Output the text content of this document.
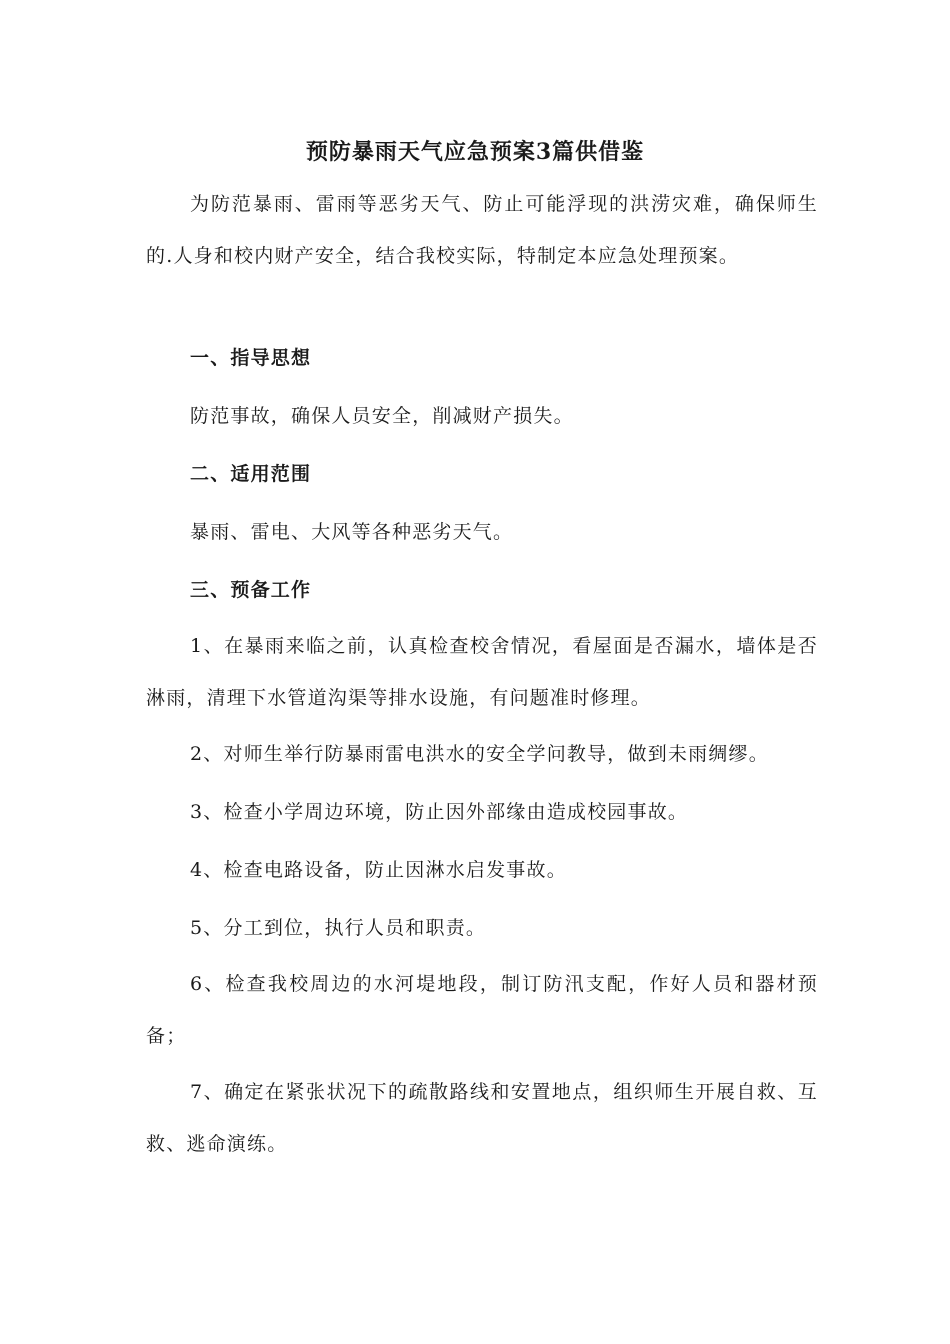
预防暴雨天气应急预案3篇供借鉴

为防范暴雨、雷雨等恶劣天气、防止可能浮现的洪涝灾难，确保师生的.人身和校内财产安全，结合我校实际，特制定本应急处理预案。

一、指导思想

防范事故，确保人员安全，削减财产损失。

二、适用范围

暴雨、雷电、大风等各种恶劣天气。

三、预备工作

1、在暴雨来临之前，认真检查校舍情况，看屋面是否漏水，墙体是否淋雨，清理下水管道沟渠等排水设施，有问题准时修理。

2、对师生举行防暴雨雷电洪水的安全学问教导，做到未雨绸缪。

3、检查小学周边环境，防止因外部缘由造成校园事故。

4、检查电路设备，防止因淋水启发事故。

5、分工到位，执行人员和职责。

6、检查我校周边的水河堤地段，制订防汛支配，作好人员和器材预备；

7、确定在紧张状况下的疏散路线和安置地点，组织师生开展自救、互救、逃命演练。
